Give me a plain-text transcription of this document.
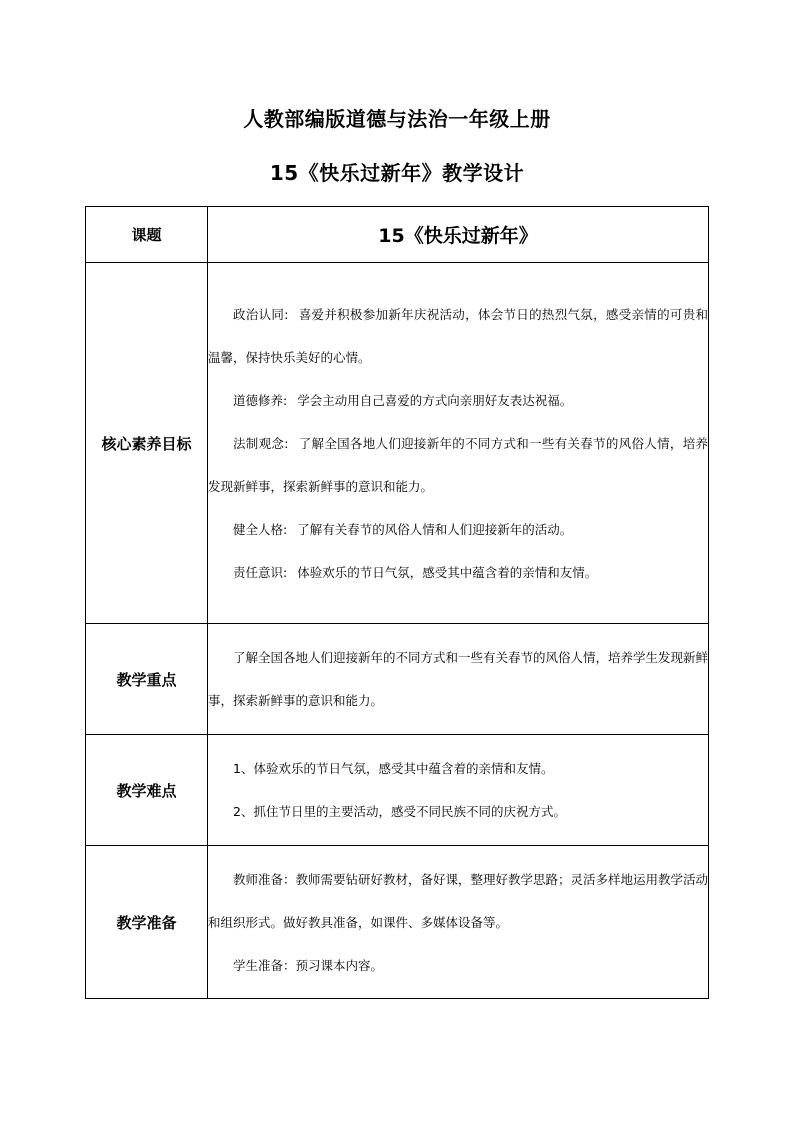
人教部编版道德与法治一年级上册
15《快乐过新年》教学设计
课题	15《快乐过新年》
核心素养目标	政治认同: 喜爱并积极参加新年庆祝活动，体会节日的热烈气氛，感受亲情的可贵和温馨，保持快乐美好的心情。

道德修养: 学会主动用自己喜爱的方式向亲朋好友表达祝福。

法制观念: 了解全国各地人们迎接新年的不同方式和一些有关春节的风俗人情，培养发现新鲜事，探索新鲜事的意识和能力。

健全人格: 了解有关春节的风俗人情和人们迎接新年的活动。

责任意识: 体验欢乐的节日气氛，感受其中蕴含着的亲情和友情。

教学重点	了解全国各地人们迎接新年的不同方式和一些有关春节的风俗人情，培养学生发现新鲜事，探索新鲜事的意识和能力。

教学难点	1、体验欢乐的节日气氛，感受其中蕴含着的亲情和友情。

2、抓住节日里的主要活动，感受不同民族不同的庆祝方式。

教学准备	教师准备：教师需要钻研好教材，备好课，整理好教学思路；灵活多样地运用教学活动和组织形式。做好教具准备，如课件、多媒体设备等。

学生准备：预习课本内容。
